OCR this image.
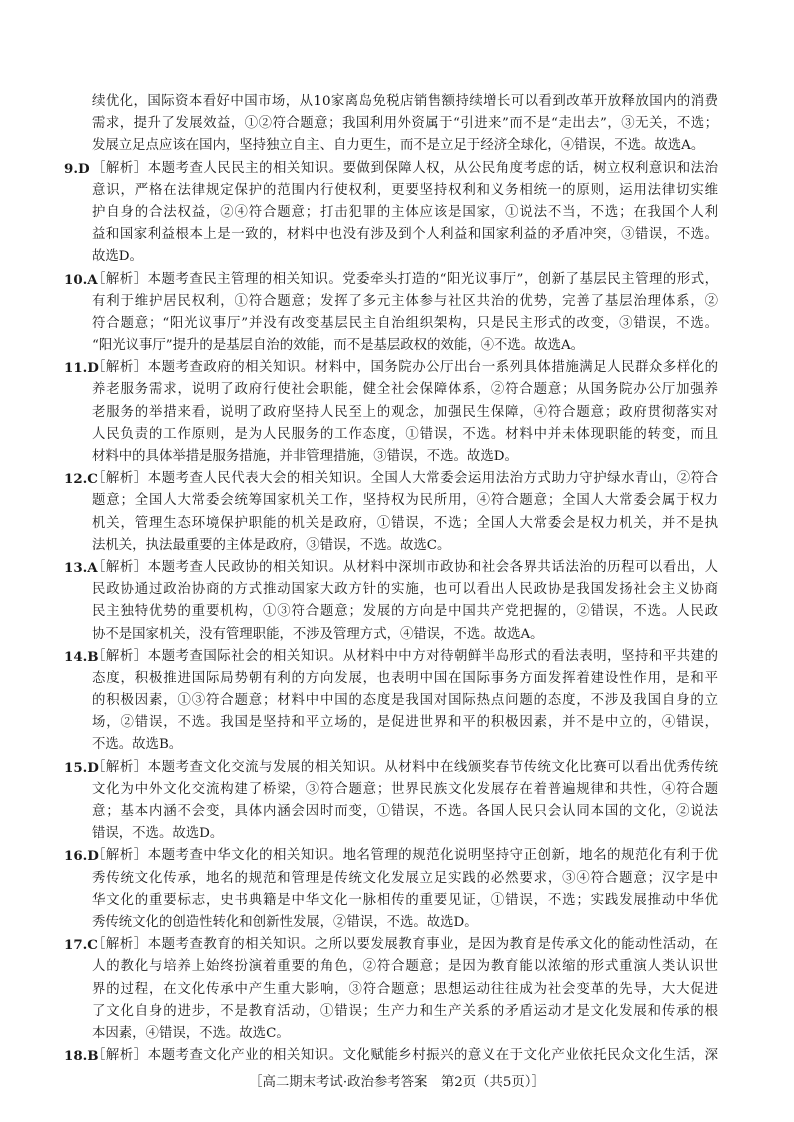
续优化，国际资本看好中国市场，从10家离岛免税店销售额持续增长可以看到改革开放释放国内的消费
需求，提升了发展效益，①②符合题意；我国利用外资属于“引进来”而不是“走出去”，③无关，不选；
发展立足点应该在国内，坚持独立自主、自力更生，而不是立足于经济全球化，④错误，不选。故选A。
9.D ［解析］本题考查人民民主的相关知识。要做到保障人权，从公民角度考虑的话，树立权利意识和法治
意识，严格在法律规定保护的范围内行使权利，更要坚持权利和义务相统一的原则，运用法律切实维
护自身的合法权益，②④符合题意；打击犯罪的主体应该是国家，①说法不当，不选；在我国个人利
益和国家利益根本上是一致的，材料中也没有涉及到个人利益和国家利益的矛盾冲突，③错误，不选。
故选D。
10.A
［解析］本题考查民主管理的相关知识。党委牵头打造的“阳光议事厅”，创新了基层民主管理的形式，
有利于维护居民权利，①符合题意；发挥了多元主体参与社区共治的优势，完善了基层治理体系，②
符合题意；“阳光议事厅”并没有改变基层民主自治组织架构，只是民主形式的改变，③错误，不选。
“阳光议事厅”提升的是基层自治的效能，而不是基层政权的效能，④不选。故选A。
11.D
［解析］本题考查政府的相关知识。材料中，国务院办公厅出台一系列具体措施满足人民群众多样化的
养老服务需求，说明了政府行使社会职能，健全社会保障体系，②符合题意；从国务院办公厅加强养
老服务的举措来看，说明了政府坚持人民至上的观念，加强民生保障，④符合题意；政府贯彻落实对
人民负责的工作原则，是为人民服务的工作态度，①错误，不选。材料中并未体现职能的转变，而且
材料中的具体举措是服务措施，并非管理措施，③错误，不选。故选D。
12.C
［解析］本题考查人民代表大会的相关知识。全国人大常委会运用法治方式助力守护绿水青山，②符合
题意；全国人大常委会统筹国家机关工作，坚持权为民所用，④符合题意；全国人大常委会属于权力
机关，管理生态环境保护职能的机关是政府，①错误，不选；全国人大常委会是权力机关，并不是执
法机关，执法最重要的主体是政府，③错误，不选。故选C。
13.A
［解析］本题考查人民政协的相关知识。从材料中深圳市政协和社会各界共话法治的历程可以看出，人
民政协通过政治协商的方式推动国家大政方针的实施，也可以看出人民政协是我国发扬社会主义协商
民主独特优势的重要机构，①③符合题意；发展的方向是中国共产党把握的，②错误，不选。人民政
协不是国家机关，没有管理职能，不涉及管理方式，④错误，不选。故选A。
14.B
［解析］本题考查国际社会的相关知识。从材料中中方对待朝鲜半岛形式的看法表明，坚持和平共建的
态度，积极推进国际局势朝有利的方向发展，也表明中国在国际事务方面发挥着建设性作用，是和平
的积极因素，①③符合题意；材料中中国的态度是我国对国际热点问题的态度，不涉及我国自身的立
场，②错误，不选。我国是坚持和平立场的，是促进世界和平的积极因素，并不是中立的，④错误，
不选。故选B。
15.D
［解析］本题考查文化交流与发展的相关知识。从材料中在线颁奖春节传统文化比赛可以看出优秀传统
文化为中外文化交流构建了桥梁，③符合题意；世界民族文化发展存在着普遍规律和共性，④符合题
意；基本内涵不会变，具体内涵会因时而变，①错误，不选。各国人民只会认同本国的文化，②说法
错误，不选。故选D。
16.D
［解析］本题考查中华文化的相关知识。地名管理的规范化说明坚持守正创新，地名的规范化有利于优
秀传统文化传承，地名的规范和管理是传统文化发展立足实践的必然要求，③④符合题意；汉字是中
华文化的重要标志，史书典籍是中华文化一脉相传的重要见证，①错误，不选；实践发展推动中华优
秀传统文化的创造性转化和创新性发展，②错误，不选。故选D。
17.C
［解析］本题考查教育的相关知识。之所以要发展教育事业，是因为教育是传承文化的能动性活动，在
人的教化与培养上始终扮演着重要的角色，②符合题意；是因为教育能以浓缩的形式重演人类认识世
界的过程，在文化传承中产生重大影响，③符合题意；思想运动往往成为社会变革的先导，大大促进
了文化自身的进步，不是教育活动，①错误；生产力和生产关系的矛盾运动才是文化发展和传承的根
本因素，④错误，不选。故选C。
18.B
［解析］本题考查文化产业的相关知识。文化赋能乡村振兴的意义在于文化产业依托民众文化生活，深
［高二期末考试·政治参考答案　第2页（共5页）］
